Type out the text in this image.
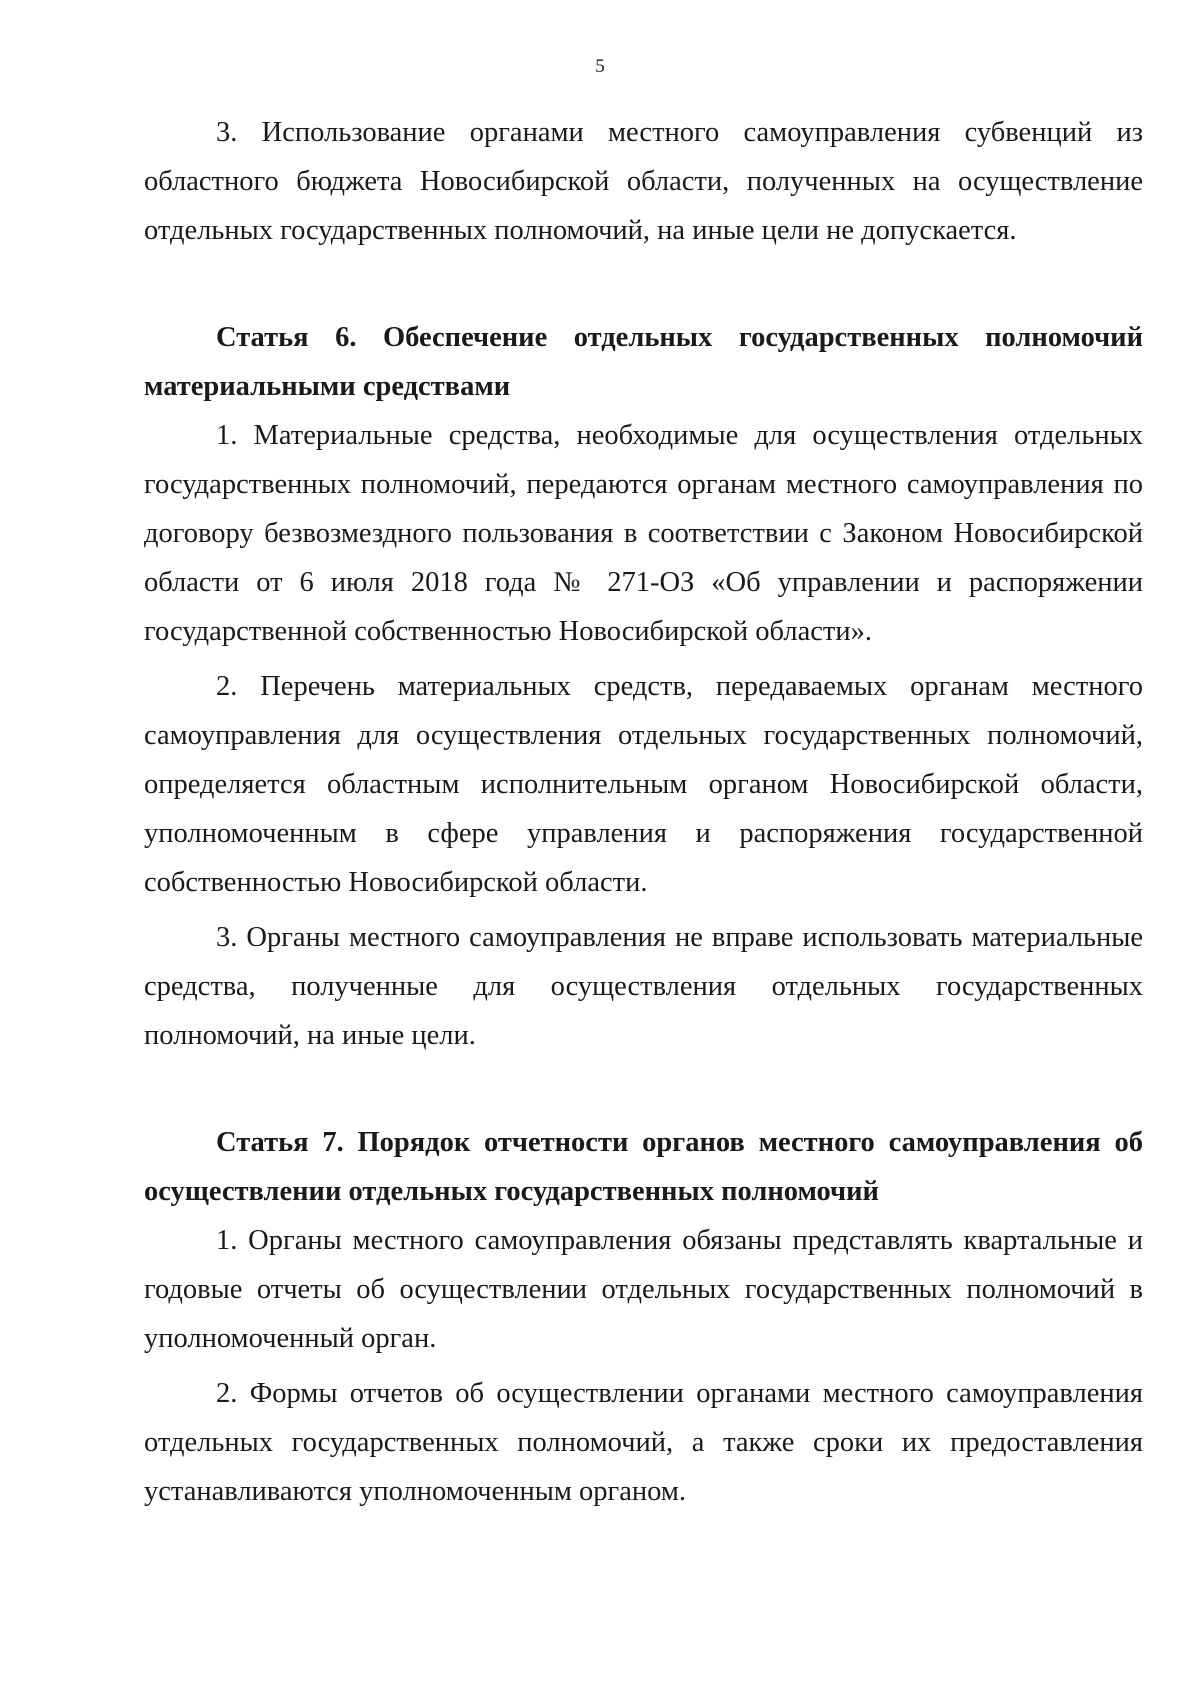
5

3. Использование органами местного самоуправления субвенций из областного бюджета Новосибирской области, полученных на осуществление отдельных государственных полномочий, на иные цели не допускается.

Статья 6. Обеспечение отдельных государственных полномочий материальными средствами

1. Материальные средства, необходимые для осуществления отдельных государственных полномочий, передаются органам местного самоуправления по договору безвозмездного пользования в соответствии с Законом Новосибирской области от 6 июля 2018 года № 271-ОЗ «Об управлении и распоряжении государственной собственностью Новосибирской области».

2. Перечень материальных средств, передаваемых органам местного самоуправления для осуществления отдельных государственных полномочий, определяется областным исполнительным органом Новосибирской области, уполномоченным в сфере управления и распоряжения государственной собственностью Новосибирской области.

3. Органы местного самоуправления не вправе использовать материальные средства, полученные для осуществления отдельных государственных полномочий, на иные цели.

Статья 7. Порядок отчетности органов местного самоуправления об осуществлении отдельных государственных полномочий

1. Органы местного самоуправления обязаны представлять квартальные и годовые отчеты об осуществлении отдельных государственных полномочий в уполномоченный орган.

2. Формы отчетов об осуществлении органами местного самоуправления отдельных государственных полномочий, а также сроки их предоставления устанавливаются уполномоченным органом.
